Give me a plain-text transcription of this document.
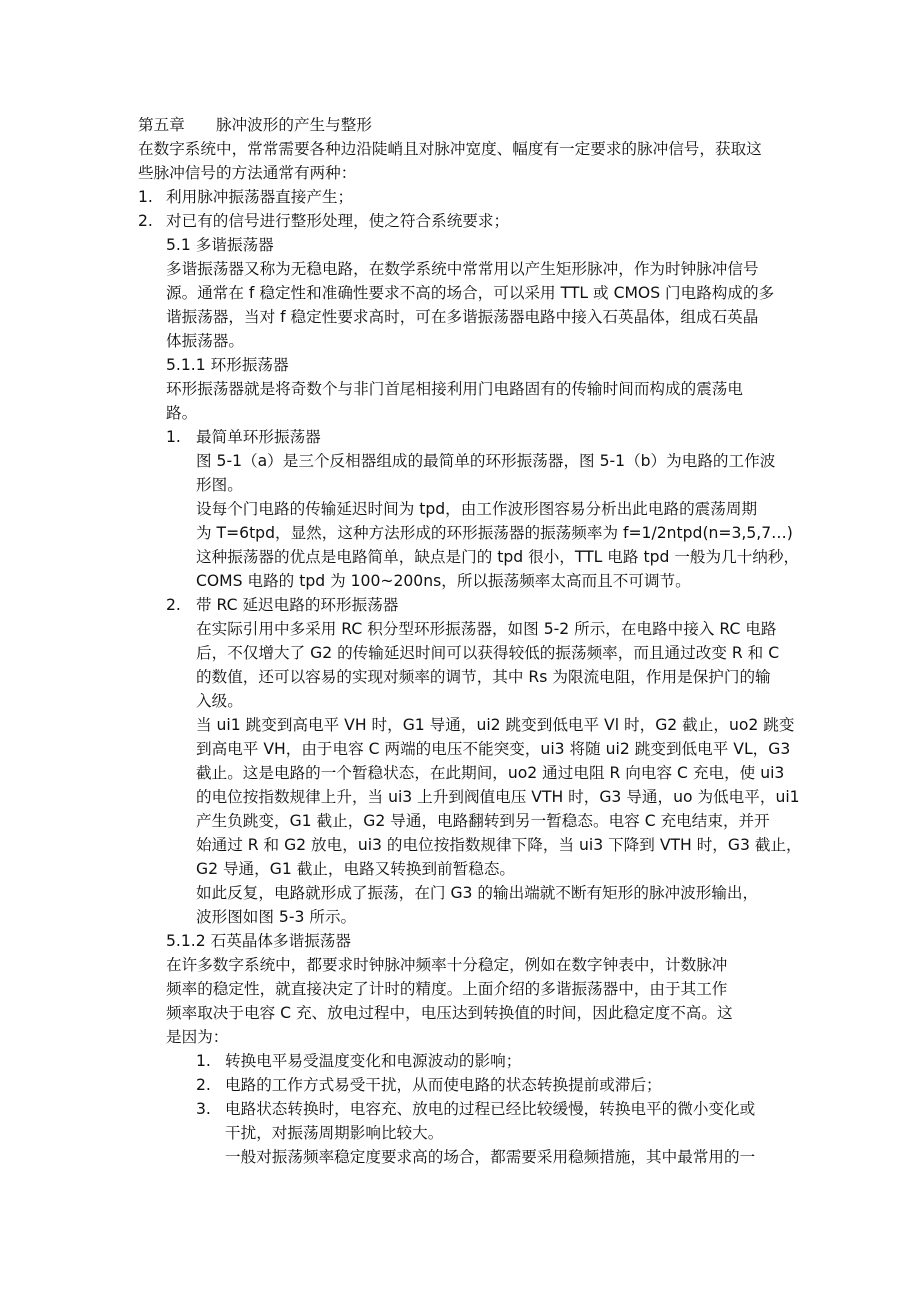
第五章　　脉冲波形的产生与整形
在数字系统中，常常需要各种边沿陡峭且对脉冲宽度、幅度有一定要求的脉冲信号，获取这
些脉冲信号的方法通常有两种：
1. 利用脉冲振荡器直接产生；
2. 对已有的信号进行整形处理，使之符合系统要求；
5.1 多谐振荡器
多谐振荡器又称为无稳电路，在数学系统中常常用以产生矩形脉冲，作为时钟脉冲信号
源。通常在 f 稳定性和准确性要求不高的场合，可以采用 TTL 或 CMOS 门电路构成的多
谐振荡器，当对 f 稳定性要求高时，可在多谐振荡器电路中接入石英晶体，组成石英晶
体振荡器。
5.1.1 环形振荡器
环形振荡器就是将奇数个与非门首尾相接利用门电路固有的传输时间而构成的震荡电
路。
1. 最简单环形振荡器
图 5-1（a）是三个反相器组成的最简单的环形振荡器，图 5-1（b）为电路的工作波
形图。
设每个门电路的传输延迟时间为 tpd，由工作波形图容易分析出此电路的震荡周期
为 T=6tpd，显然，这种方法形成的环形振荡器的振荡频率为 f=1/2ntpd(n=3,5,7…)
这种振荡器的优点是电路简单，缺点是门的 tpd 很小，TTL 电路 tpd 一般为几十纳秒，
COMS 电路的 tpd 为 100~200ns，所以振荡频率太高而且不可调节。
2. 带 RC 延迟电路的环形振荡器
在实际引用中多采用 RC 积分型环形振荡器，如图 5-2 所示，在电路中接入 RC 电路
后，不仅增大了 G2 的传输延迟时间可以获得较低的振荡频率，而且通过改变 R 和 C
的数值，还可以容易的实现对频率的调节，其中 Rs 为限流电阻，作用是保护门的输
入级。
当 ui1 跳变到高电平 VH 时，G1 导通，ui2 跳变到低电平 Vl 时，G2 截止，uo2 跳变
到高电平 VH，由于电容 C 两端的电压不能突变，ui3 将随 ui2 跳变到低电平 VL，G3
截止。这是电路的一个暂稳状态，在此期间，uo2 通过电阻 R 向电容 C 充电，使 ui3
的电位按指数规律上升，当 ui3 上升到阀值电压 VTH 时，G3 导通，uo 为低电平，ui1
产生负跳变，G1 截止，G2 导通，电路翻转到另一暂稳态。电容 C 充电结束，并开
始通过 R 和 G2 放电，ui3 的电位按指数规律下降，当 ui3 下降到 VTH 时，G3 截止，
G2 导通，G1 截止，电路又转换到前暂稳态。
如此反复，电路就形成了振荡，在门 G3 的输出端就不断有矩形的脉冲波形输出，
波形图如图 5-3 所示。
5.1.2 石英晶体多谐振荡器
在许多数字系统中，都要求时钟脉冲频率十分稳定，例如在数字钟表中，计数脉冲
频率的稳定性，就直接决定了计时的精度。上面介绍的多谐振荡器中，由于其工作
频率取决于电容 C 充、放电过程中，电压达到转换值的时间，因此稳定度不高。这
是因为：
1. 转换电平易受温度变化和电源波动的影响；
2. 电路的工作方式易受干扰，从而使电路的状态转换提前或滞后；
3. 电路状态转换时，电容充、放电的过程已经比较缓慢，转换电平的微小变化或
干扰，对振荡周期影响比较大。
一般对振荡频率稳定度要求高的场合，都需要采用稳频措施，其中最常用的一
